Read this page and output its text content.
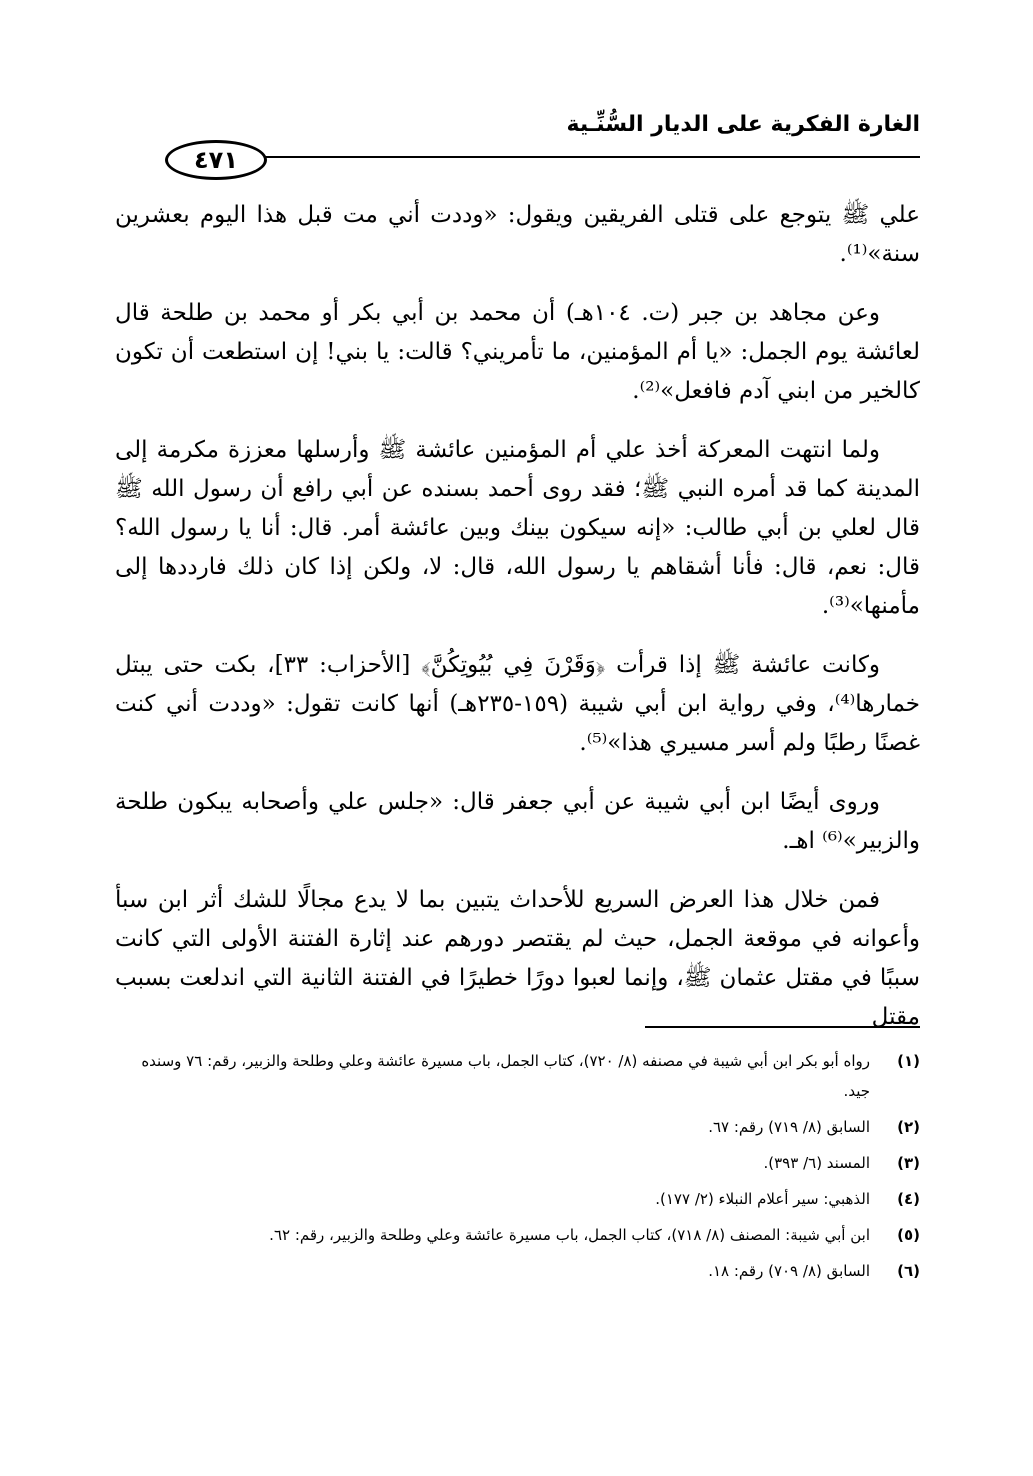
الغارة الفكرية على الديار السُّنِّـية
٤٧١

علي ﷺ يتوجع على قتلى الفريقين ويقول: «وددت أني مت قبل هذا اليوم بعشرين سنة»⁽¹⁾.

وعن مجاهد بن جبر (ت. ١٠٤هـ) أن محمد بن أبي بكر أو محمد بن طلحة قال لعائشة يوم الجمل: «يا أم المؤمنين، ما تأمريني؟ قالت: يا بني! إن استطعت أن تكون كالخير من ابني آدم فافعل»⁽²⁾.

ولما انتهت المعركة أخذ علي أم المؤمنين عائشة ﷺ وأرسلها معززة مكرمة إلى المدينة كما قد أمره النبي ﷺ؛ فقد روى أحمد بسنده عن أبي رافع أن رسول الله ﷺ قال لعلي بن أبي طالب: «إنه سيكون بينك وبين عائشة أمر. قال: أنا يا رسول الله؟ قال: نعم، قال: فأنا أشقاهم يا رسول الله، قال: لا، ولكن إذا كان ذلك فارددها إلى مأمنها»⁽³⁾.

وكانت عائشة ﷺ إذا قرأت ﴿وَقَرْنَ فِي بُيُوتِكُنَّ﴾ [الأحزاب: ٣٣]، بكت حتى يبتل خمارها⁽⁴⁾، وفي رواية ابن أبي شيبة (١٥٩-٢٣٥هـ) أنها كانت تقول: «وددت أني كنت غصنًا رطبًا ولم أسر مسيري هذا»⁽⁵⁾.

وروى أيضًا ابن أبي شيبة عن أبي جعفر قال: «جلس علي وأصحابه يبكون طلحة والزبير»⁽⁶⁾ اهـ.

فمن خلال هذا العرض السريع للأحداث يتبين بما لا يدع مجالًا للشك أثر ابن سبأ وأعوانه في موقعة الجمل، حيث لم يقتصر دورهم عند إثارة الفتنة الأولى التي كانت سببًا في مقتل عثمان ﷺ، وإنما لعبوا دورًا خطيرًا في الفتنة الثانية التي اندلعت بسبب مقتل

(١)
رواه أبو بكر ابن أبي شيبة في مصنفه (٨/ ٧٢٠)، كتاب الجمل، باب مسيرة عائشة وعلي وطلحة والزبير، رقم: ٧٦ وسنده جيد.
(٢)
السابق (٨/ ٧١٩) رقم: ٦٧.
(٣)
المسند (٦/ ٣٩٣).
(٤)
الذهبي: سير أعلام النبلاء (٢/ ١٧٧).
(٥)
ابن أبي شيبة: المصنف (٨/ ٧١٨)، كتاب الجمل، باب مسيرة عائشة وعلي وطلحة والزبير، رقم: ٦٢.
(٦)
السابق (٨/ ٧٠٩) رقم: ١٨.
